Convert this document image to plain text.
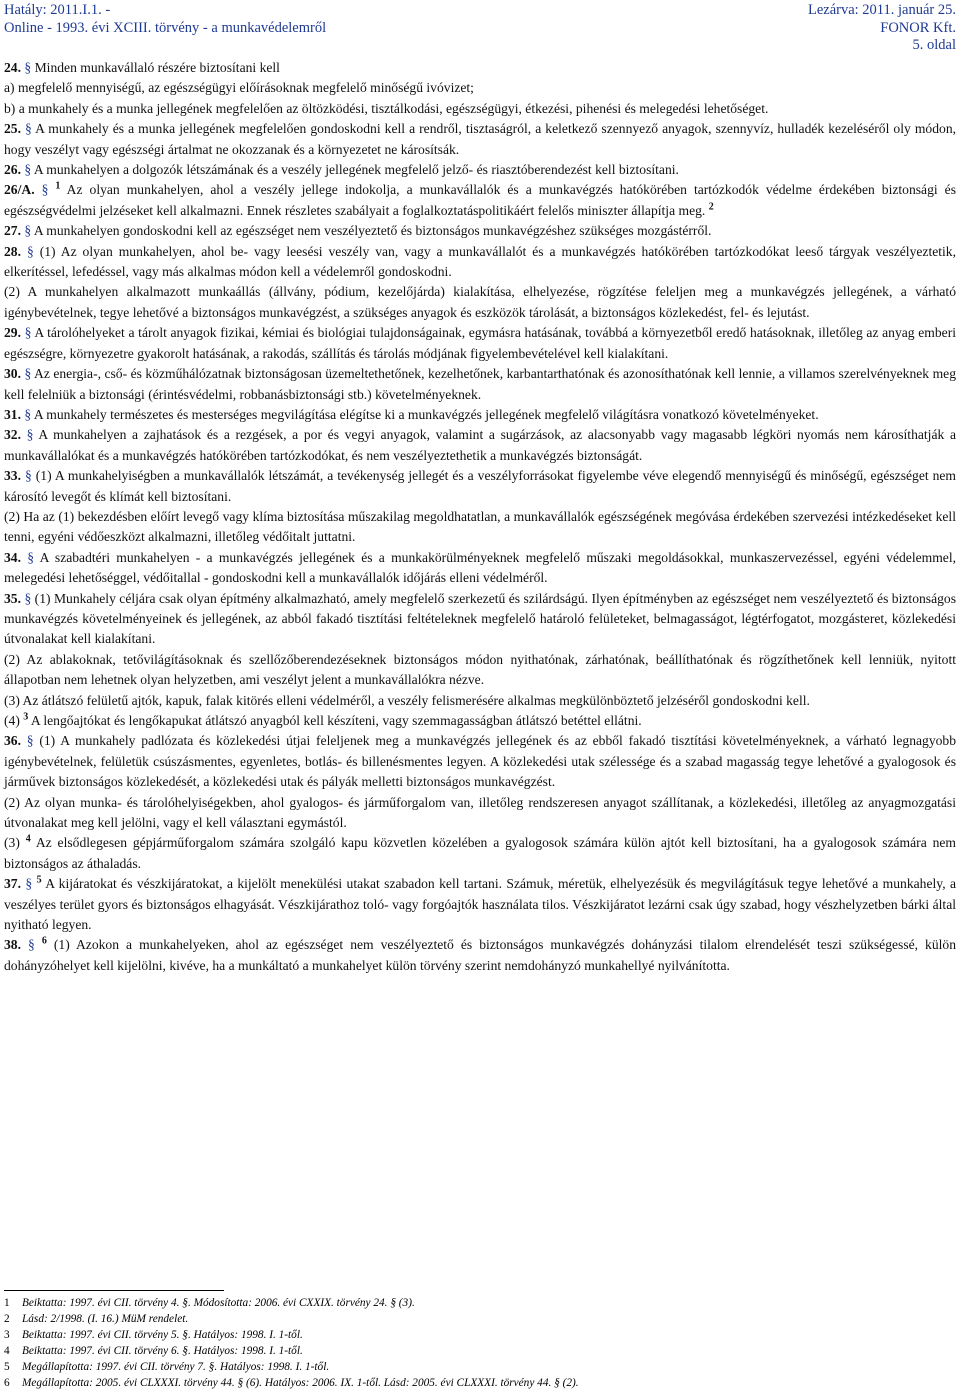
Hatály: 2011.I.1. -
Online - 1993. évi XCIII. törvény - a munkavédelemről
Lezárva: 2011. január 25.
FONOR Kft.
5. oldal

24. § Minden munkavállaló részére biztosítani kell

a) megfelelő mennyiségű, az egészségügyi előírásoknak megfelelő minőségű ivóvizet;

b) a munkahely és a munka jellegének megfelelően az öltözködési, tisztálkodási, egészségügyi, étkezési, pihenési és melegedési lehetőséget.

25. § A munkahely és a munka jellegének megfelelően gondoskodni kell a rendről, tisztaságról, a keletkező szennyező anyagok, szennyvíz, hulladék kezeléséről oly módon, hogy veszélyt vagy egészségi ártalmat ne okozzanak és a környezetet ne károsítsák.

26. § A munkahelyen a dolgozók létszámának és a veszély jellegének megfelelő jelző- és riasztóberendezést kell biztosítani.

26/A. § $^1$ Az olyan munkahelyen, ahol a veszély jellege indokolja, a munkavállalók és a munkavégzés hatókörében tartózkodók védelme érdekében biztonsági és egészségvédelmi jelzéseket kell alkalmazni. Ennek részletes szabályait a foglalkoztatáspolitikáért felelős miniszter állapítja meg. $^2$

27. § A munkahelyen gondoskodni kell az egészséget nem veszélyeztető és biztonságos munkavégzéshez szükséges mozgástérről.

28. § (1) Az olyan munkahelyen, ahol be- vagy leesési veszély van, vagy a munkavállalót és a munkavégzés hatókörében tartózkodókat leeső tárgyak veszélyeztetik, elkerítéssel, lefedéssel, vagy más alkalmas módon kell a védelemről gondoskodni.

(2) A munkahelyen alkalmazott munkaállás (állvány, pódium, kezelőjárda) kialakítása, elhelyezése, rögzítése feleljen meg a munkavégzés jellegének, a várható igénybevételnek, tegye lehetővé a biztonságos munkavégzést, a szükséges anyagok és eszközök tárolását, a biztonságos közlekedést, fel- és lejutást.

29. § A tárolóhelyeket a tárolt anyagok fizikai, kémiai és biológiai tulajdonságainak, egymásra hatásának, továbbá a környezetből eredő hatásoknak, illetőleg az anyag emberi egészségre, környezetre gyakorolt hatásának, a rakodás, szállítás és tárolás módjának figyelembevételével kell kialakítani.

30. § Az energia-, cső- és közműhálózatnak biztonságosan üzemeltethetőnek, kezelhetőnek, karbantarthatónak és azonosíthatónak kell lennie, a villamos szerelvényeknek meg kell felelniük a biztonsági (érintésvédelmi, robbanásbiztonsági stb.) követelményeknek.

31. § A munkahely természetes és mesterséges megvilágítása elégítse ki a munkavégzés jellegének megfelelő világításra vonatkozó követelményeket.

32. § A munkahelyen a zajhatások és a rezgések, a por és vegyi anyagok, valamint a sugárzások, az alacsonyabb vagy magasabb légköri nyomás nem károsíthatják a munkavállalókat és a munkavégzés hatókörében tartózkodókat, és nem veszélyeztethetik a munkavégzés biztonságát.

33. § (1) A munkahelyiségben a munkavállalók létszámát, a tevékenység jellegét és a veszélyforrásokat figyelembe véve elegendő mennyiségű és minőségű, egészséget nem károsító levegőt és klímát kell biztosítani.

(2) Ha az (1) bekezdésben előírt levegő vagy klíma biztosítása műszakilag megoldhatatlan, a munkavállalók egészségének megóvása érdekében szervezési intézkedéseket kell tenni, egyéni védőeszközt alkalmazni, illetőleg védőitalt juttatni.

34. § A szabadtéri munkahelyen - a munkavégzés jellegének és a munkakörülményeknek megfelelő műszaki megoldásokkal, munkaszervezéssel, egyéni védelemmel, melegedési lehetőséggel, védőitallal - gondoskodni kell a munkavállalók időjárás elleni védelméről.

35. § (1) Munkahely céljára csak olyan építmény alkalmazható, amely megfelelő szerkezetű és szilárdságú. Ilyen építményben az egészséget nem veszélyeztető és biztonságos munkavégzés követelményeinek és jellegének, az abból fakadó tisztítási feltételeknek megfelelő határoló felületeket, belmagasságot, légtérfogatot, mozgásteret, közlekedési útvonalakat kell kialakítani.

(2) Az ablakoknak, tetővilágításoknak és szellőzőberendezéseknek biztonságos módon nyithatónak, zárhatónak, beállíthatónak és rögzíthetőnek kell lenniük, nyitott állapotban nem lehetnek olyan helyzetben, ami veszélyt jelent a munkavállalókra nézve.

(3) Az átlátszó felületű ajtók, kapuk, falak kitörés elleni védelméről, a veszély felismerésére alkalmas megkülönböztető jelzéséről gondoskodni kell.

(4) $^3$ A lengőajtókat és lengőkapukat átlátszó anyagból kell készíteni, vagy szemmagasságban átlátszó betéttel ellátni.

36. § (1) A munkahely padlózata és közlekedési útjai feleljenek meg a munkavégzés jellegének és az ebből fakadó tisztítási követelményeknek, a várható legnagyobb igénybevételnek, felületük csúszásmentes, egyenletes, botlás- és billenésmentes legyen. A közlekedési utak szélessége és a szabad magasság tegye lehetővé a gyalogosok és járművek biztonságos közlekedését, a közlekedési utak és pályák melletti biztonságos munkavégzést.

(2) Az olyan munka- és tárolóhelyiségekben, ahol gyalogos- és járműforgalom van, illetőleg rendszeresen anyagot szállítanak, a közlekedési, illetőleg az anyagmozgatási útvonalakat meg kell jelölni, vagy el kell választani egymástól.

(3) $^4$ Az elsődlegesen gépjárműforgalom számára szolgáló kapu közvetlen közelében a gyalogosok számára külön ajtót kell biztosítani, ha a gyalogosok számára nem biztonságos az áthaladás.

37. § $^5$ A kijáratokat és vészkijáratokat, a kijelölt menekülési utakat szabadon kell tartani. Számuk, méretük, elhelyezésük és megvilágításuk tegye lehetővé a munkahely, a veszélyes terület gyors és biztonságos elhagyását. Vészkijárathoz toló- vagy forgóajtók használata tilos. Vészkijáratot lezárni csak úgy szabad, hogy vészhelyzetben bárki által nyitható legyen.

38. § $^6$ (1) Azokon a munkahelyeken, ahol az egészséget nem veszélyeztető és biztonságos munkavégzés dohányzási tilalom elrendelését teszi szükségessé, külön dohányzóhelyet kell kijelölni, kivéve, ha a munkáltató a munkahelyet külön törvény szerint nemdohányzó munkahellyé nyilvánította.

1 Beiktatta: 1997. évi CII. törvény 4. §. Módosította: 2006. évi CXXIX. törvény 24. § (3).
2 Lásd: 2/1998. (I. 16.) MüM rendelet.
3 Beiktatta: 1997. évi CII. törvény 5. §. Hatályos: 1998. I. 1-től.
4 Beiktatta: 1997. évi CII. törvény 6. §. Hatályos: 1998. I. 1-től.
5 Megállapította: 1997. évi CII. törvény 7. §. Hatályos: 1998. I. 1-től.
6 Megállapította: 2005. évi CLXXXI. törvény 44. § (6). Hatályos: 2006. IX. 1-től. Lásd: 2005. évi CLXXXI. törvény 44. § (2).
